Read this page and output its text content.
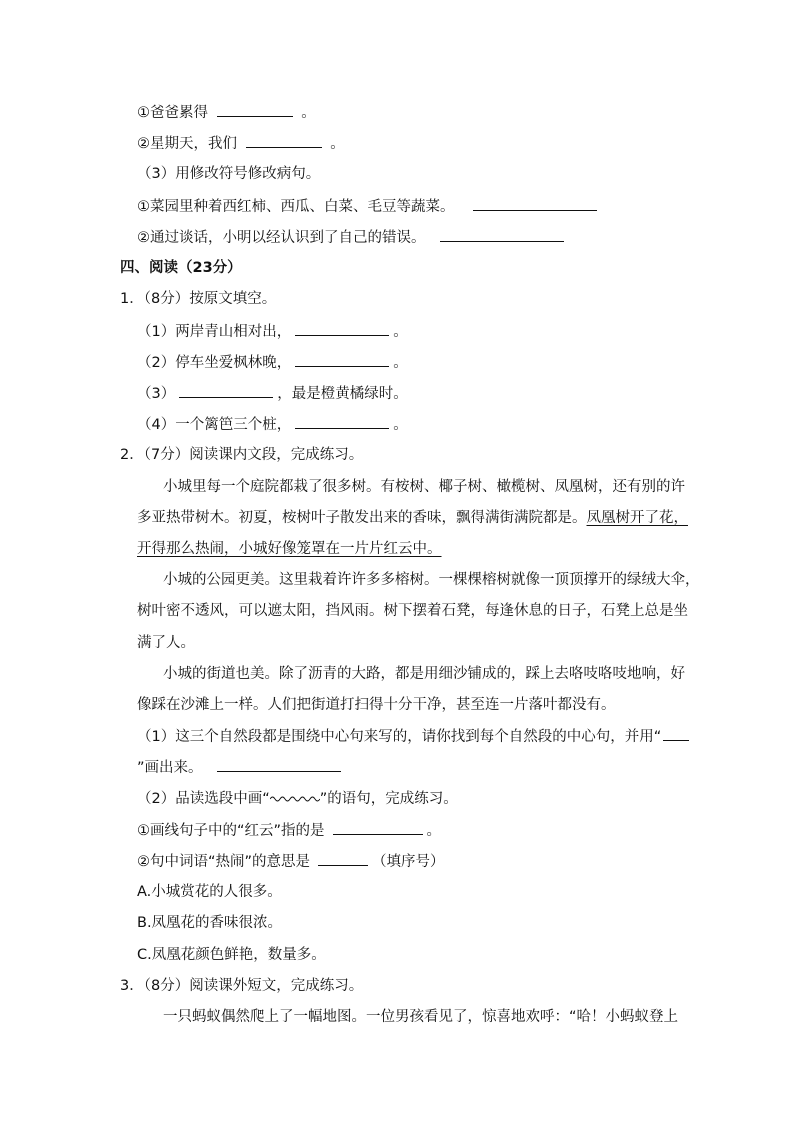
①爸爸累得	。
②星期天，我们	。
（3）用修改符号修改病句。
①菜园里种着西红柿、西瓜、白菜、毛豆等蔬菜。
②通过谈话，小明以经认识到了自己的错误。
四、阅读（23分）
1．（8分）按原文填空。
（1）两岸青山相对出，	。
（2）停车坐爱枫林晚，	。
（3）	，最是橙黄橘绿时。
（4）一个篱笆三个桩，	。
2．（7分）阅读课内文段，完成练习。
小城里每一个庭院都栽了很多树。有桉树、椰子树、橄榄树、凤凰树，还有别的许
多亚热带树木。初夏，桉树叶子散发出来的香味，飘得满街满院都是。凤凰树开了花，
开得那么热闹，小城好像笼罩在一片片红云中。
小城的公园更美。这里栽着许许多多榕树。一棵棵榕树就像一顶顶撑开的绿绒大伞，
树叶密不透风，可以遮太阳，挡风雨。树下摆着石凳，每逢休息的日子，石凳上总是坐
满了人。
小城的街道也美。除了沥青的大路，都是用细沙铺成的，踩上去咯吱咯吱地响，好
像踩在沙滩上一样。人们把街道打扫得十分干净，甚至连一片落叶都没有。
（1）这三个自然段都是围绕中心句来写的，请你找到每个自然段的中心句，并用“
”画出来。
（2）品读选段中画“	”的语句，完成练习。
①画线句子中的“红云”指的是	。
②句中词语“热闹”的意思是	（填序号）
A.小城赏花的人很多。
B.凤凰花的香味很浓。
C.凤凰花颜色鲜艳，数量多。
3．（8分）阅读课外短文，完成练习。
一只蚂蚁偶然爬上了一幅地图。一位男孩看见了，惊喜地欢呼：“哈！小蚂蚁登上
